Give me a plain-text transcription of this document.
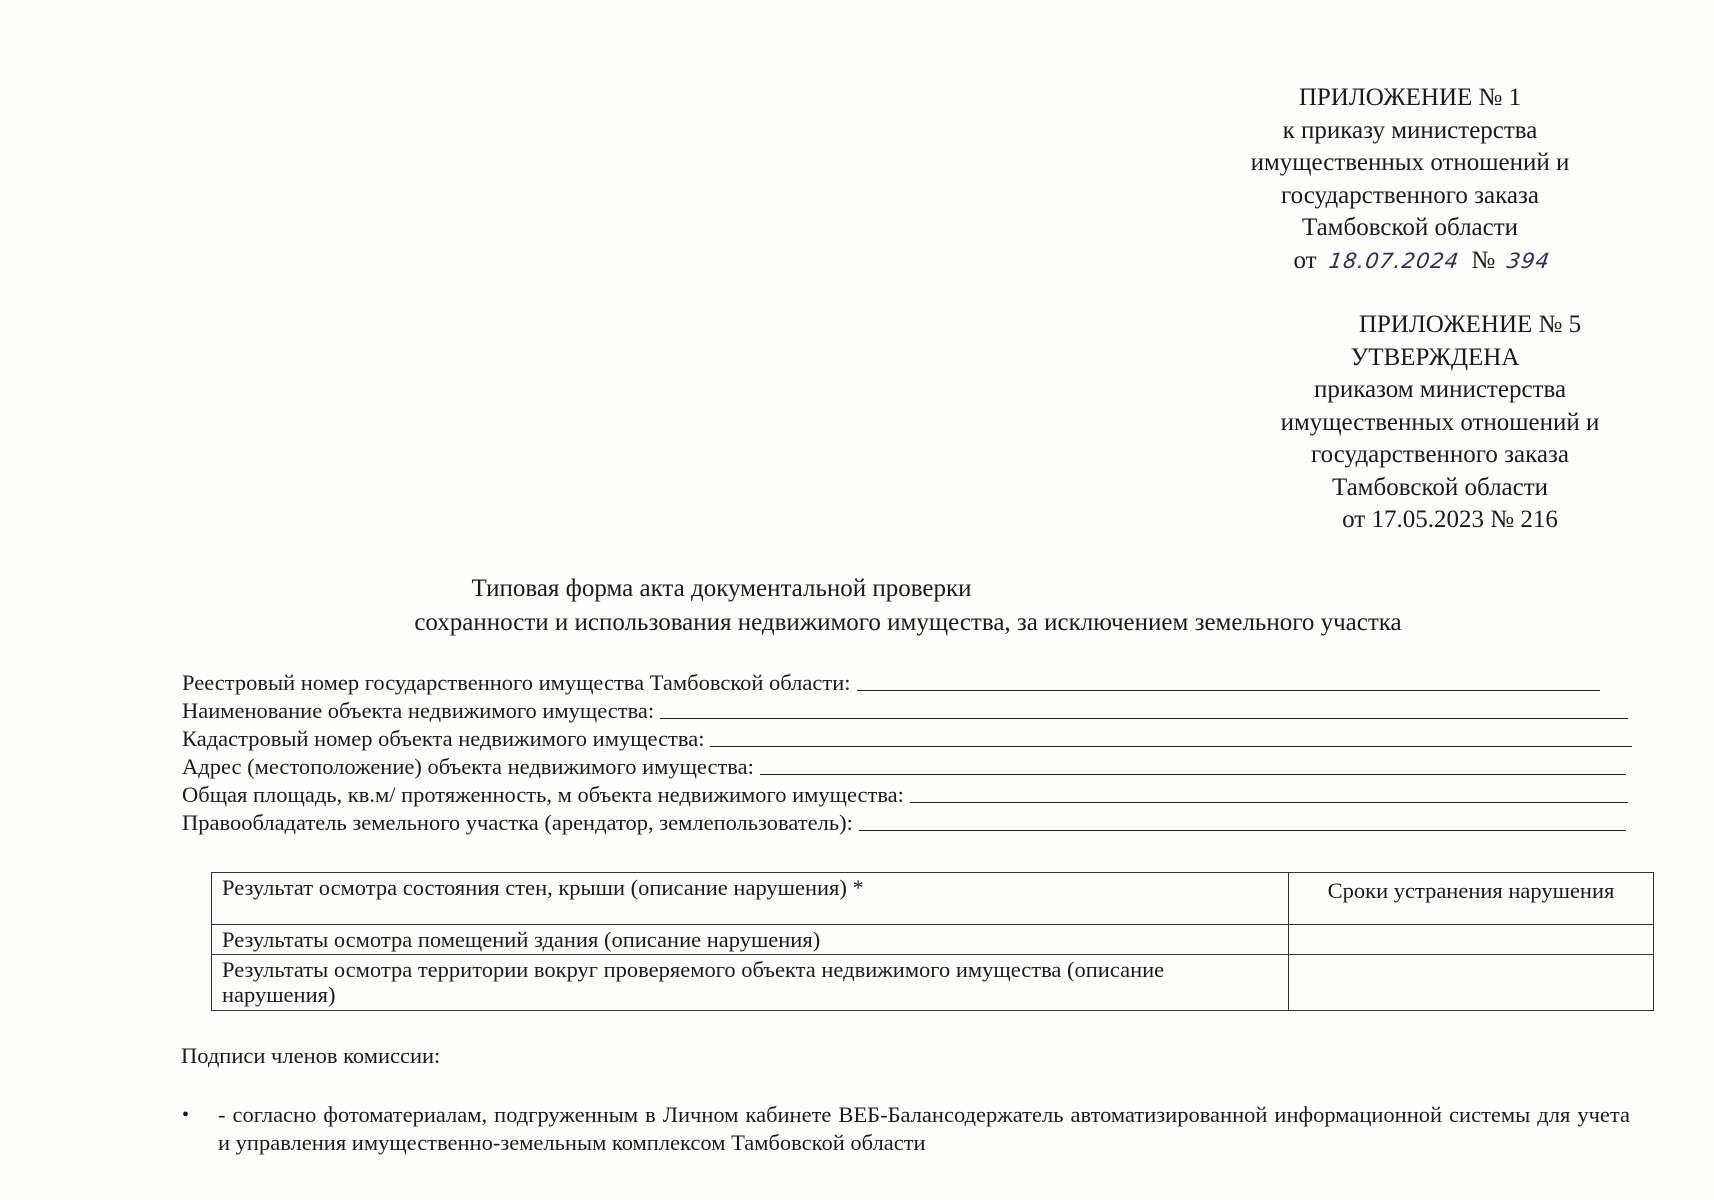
ПРИЛОЖЕНИЕ № 1
к приказу министерства
имущественных отношений и
государственного заказа
Тамбовской области
от 18.07.2024 № 394
ПРИЛОЖЕНИЕ № 5
УТВЕРЖДЕНА
приказом министерства
имущественных отношений и
государственного заказа
Тамбовской области
от 17.05.2023 № 216
Типовая форма акта документальной проверки
сохранности и использования недвижимого имущества, за исключением земельного участка
Реестровый номер государственного имущества Тамбовской области:
Наименование объекта недвижимого имущества:
Кадастровый номер объекта недвижимого имущества:
Адрес (местоположение) объекта недвижимого имущества:
Общая площадь, кв.м/ протяженность, м объекта недвижимого имущества:
Правообладатель земельного участка (арендатор, землепользователь):
Результат осмотра состояния стен, крыши (описание нарушения) *	Сроки устранения нарушения
Результаты осмотра помещений здания (описание нарушения)	
Результаты осмотра территории вокруг проверяемого объекта недвижимого имущества (описание нарушения)	
Подписи членов комиссии:
•	- согласно фотоматериалам, подгруженным в Личном кабинете ВЕБ-Балансодержатель автоматизированной информационной системы для учета и управления имущественно-земельным комплексом Тамбовской области
